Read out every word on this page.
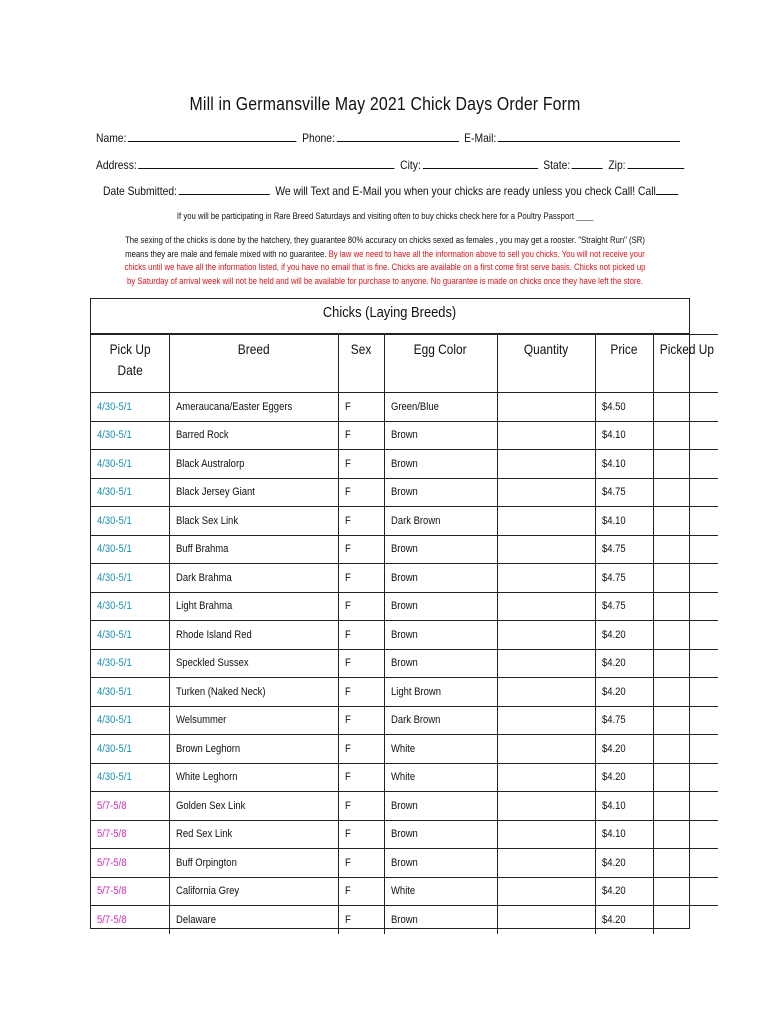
Mill in Germansville May 2021 Chick Days Order Form
Name:	Phone:	E-Mail:
Address:	City:	State:	Zip:
Date Submitted:	We will Text and E-Mail you when your chicks are ready unless you check Call! Call
If you will be participating in Rare Breed Saturdays and visiting often to buy chicks check here for a Poultry Passport ____
The sexing of the chicks is done by the hatchery, they guarantee 80% accuracy on chicks sexed as females , you may get a rooster. "Straight Run" (SR)
means they are male and female mixed with no guarantee. By law we need to have all the information above to sell you chicks. You will not receive your
chicks until we have all the information listed, if you have no email that is fine. Chicks are available on a first come first serve basis. Chicks not picked up
by Saturday of arrival week will not be held and will be available for purchase to anyone. No guarantee is made on chicks once they have left the store.
Chicks (Laying Breeds)
Pick Up
Date	Breed	Sex	Egg Color	Quantity	Price	Picked Up
4/30-5/1	Ameraucana/Easter Eggers	F	Green/Blue		$4.50	
4/30-5/1	Barred Rock	F	Brown		$4.10	
4/30-5/1	Black Australorp	F	Brown		$4.10	
4/30-5/1	Black Jersey Giant	F	Brown		$4.75	
4/30-5/1	Black Sex Link	F	Dark Brown		$4.10	
4/30-5/1	Buff Brahma	F	Brown		$4.75	
4/30-5/1	Dark Brahma	F	Brown		$4.75	
4/30-5/1	Light Brahma	F	Brown		$4.75	
4/30-5/1	Rhode Island Red	F	Brown		$4.20	
4/30-5/1	Speckled Sussex	F	Brown		$4.20	
4/30-5/1	Turken (Naked Neck)	F	Light Brown		$4.20	
4/30-5/1	Welsummer	F	Dark Brown		$4.75	
4/30-5/1	Brown Leghorn	F	White		$4.20	
4/30-5/1	White Leghorn	F	White		$4.20	
5/7-5/8	Golden Sex Link	F	Brown		$4.10	
5/7-5/8	Red Sex Link	F	Brown		$4.10	
5/7-5/8	Buff Orpington	F	Brown		$4.20	
5/7-5/8	California Grey	F	White		$4.20	
5/7-5/8	Delaware	F	Brown		$4.20	
